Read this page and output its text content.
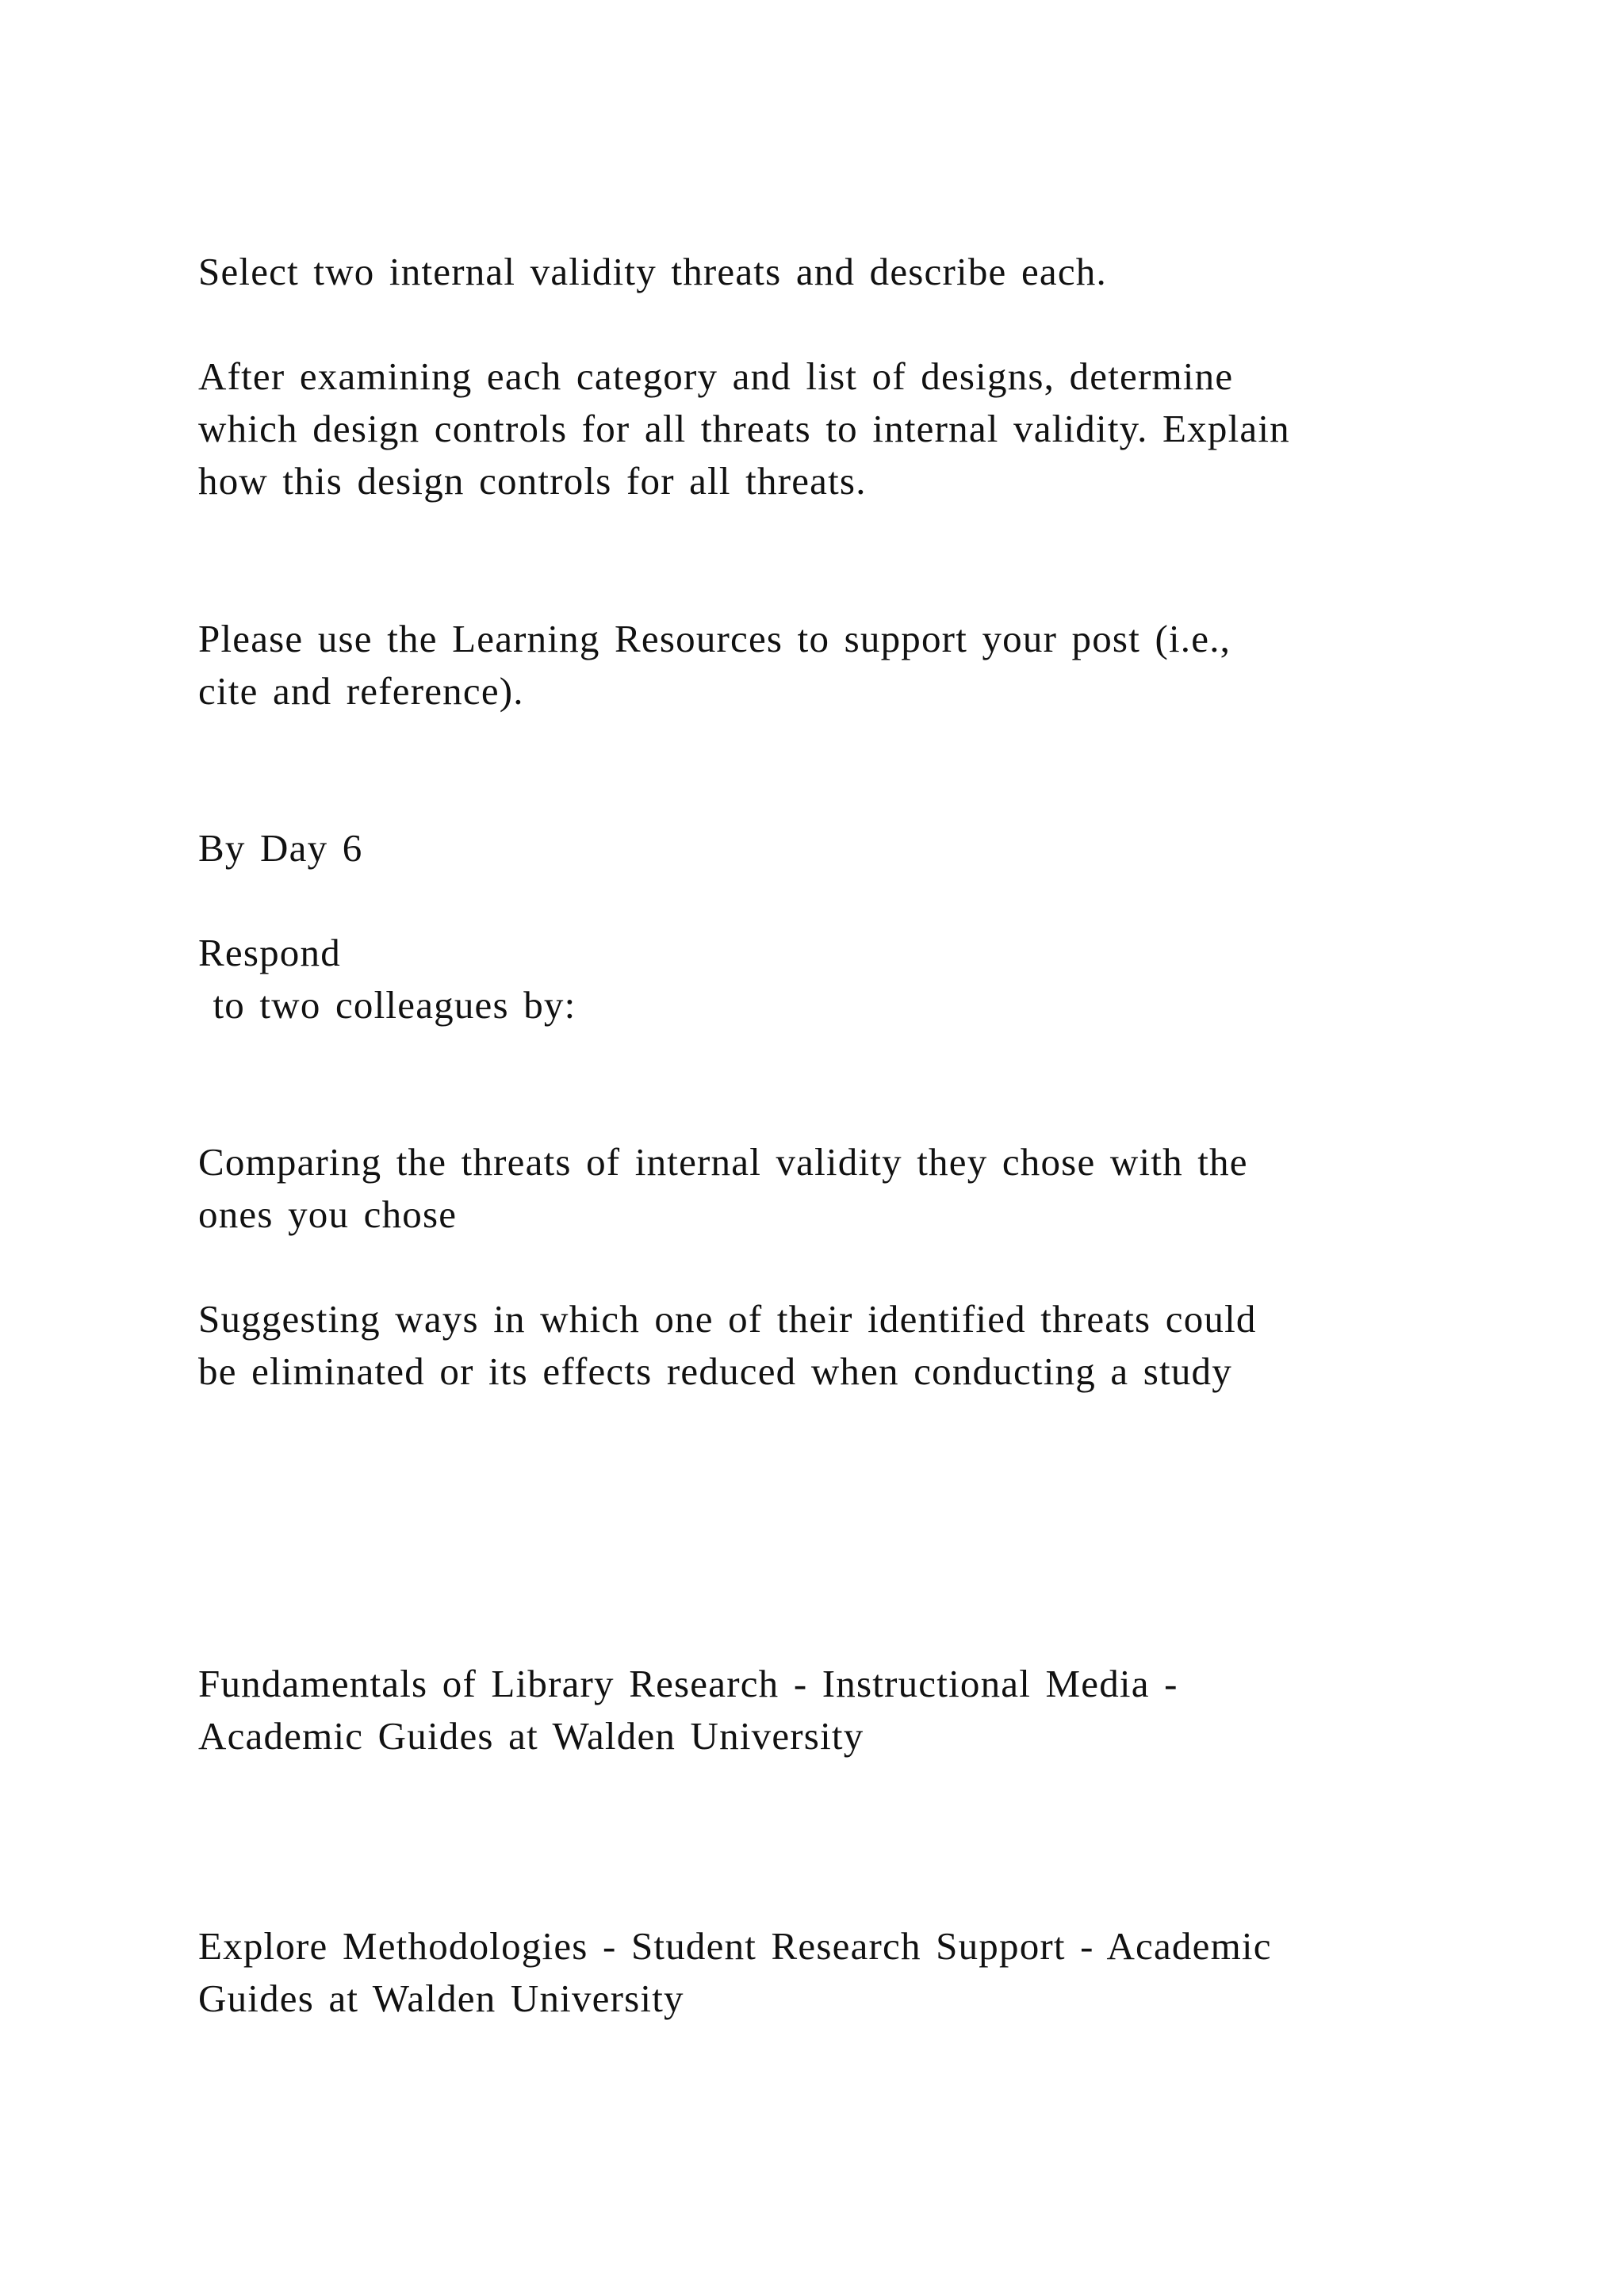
Select two internal validity threats and describe each.
After examining each category and list of designs, determine
which design controls for all threats to internal validity. Explain
how this design controls for all threats.
Please use the Learning Resources to support your post (i.e.,
cite and reference).
By Day 6
Respond
to two colleagues by:
Comparing the threats of internal validity they chose with the
ones you chose
Suggesting ways in which one of their identified threats could
be eliminated or its effects reduced when conducting a study
Fundamentals of Library Research - Instructional Media -
Academic Guides at Walden University
Explore Methodologies - Student Research Support - Academic
Guides at Walden University
